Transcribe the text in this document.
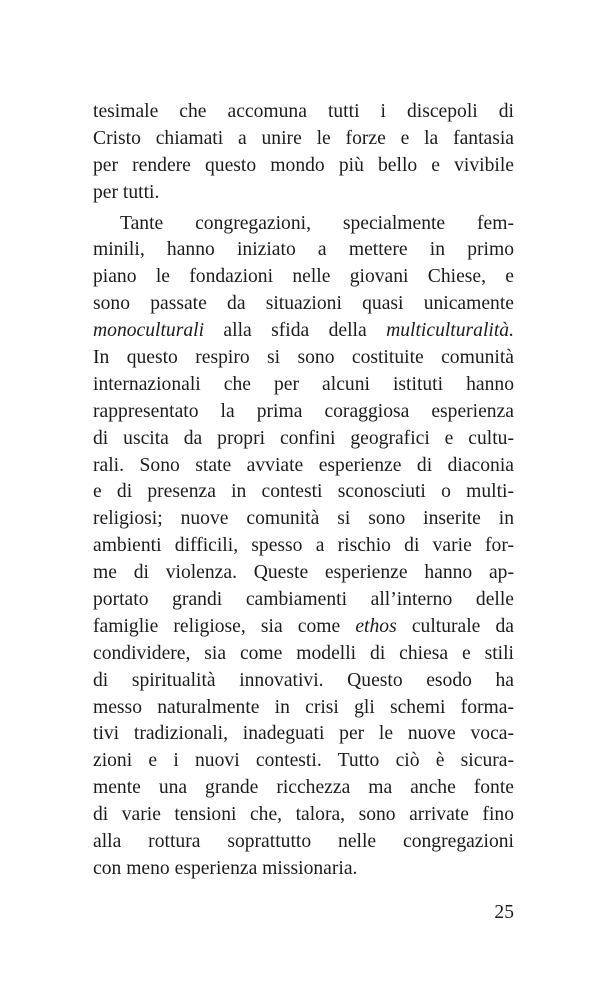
tesimale che accomuna tutti i discepoli di
Cristo chiamati a unire le forze e la fantasia
per rendere questo mondo più bello e vivibile
per tutti.
Tante congregazioni, specialmente fem-
minili, hanno iniziato a mettere in primo
piano le fondazioni nelle giovani Chiese, e
sono passate da situazioni quasi unicamente
monoculturali alla sfida della multiculturalità.
In questo respiro si sono costituite comunità
internazionali che per alcuni istituti hanno
rappresentato la prima coraggiosa esperienza
di uscita da propri confini geografici e cultu-
rali. Sono state avviate esperienze di diaconia
e di presenza in contesti sconosciuti o multi-
religiosi; nuove comunità si sono inserite in
ambienti difficili, spesso a rischio di varie for-
me di violenza. Queste esperienze hanno ap-
portato grandi cambiamenti all’interno delle
famiglie religiose, sia come ethos culturale da
condividere, sia come modelli di chiesa e stili
di spiritualità innovativi. Questo esodo ha
messo naturalmente in crisi gli schemi forma-
tivi tradizionali, inadeguati per le nuove voca-
zioni e i nuovi contesti. Tutto ciò è sicura-
mente una grande ricchezza ma anche fonte
di varie tensioni che, talora, sono arrivate fino
alla rottura soprattutto nelle congregazioni
con meno esperienza missionaria.
25
